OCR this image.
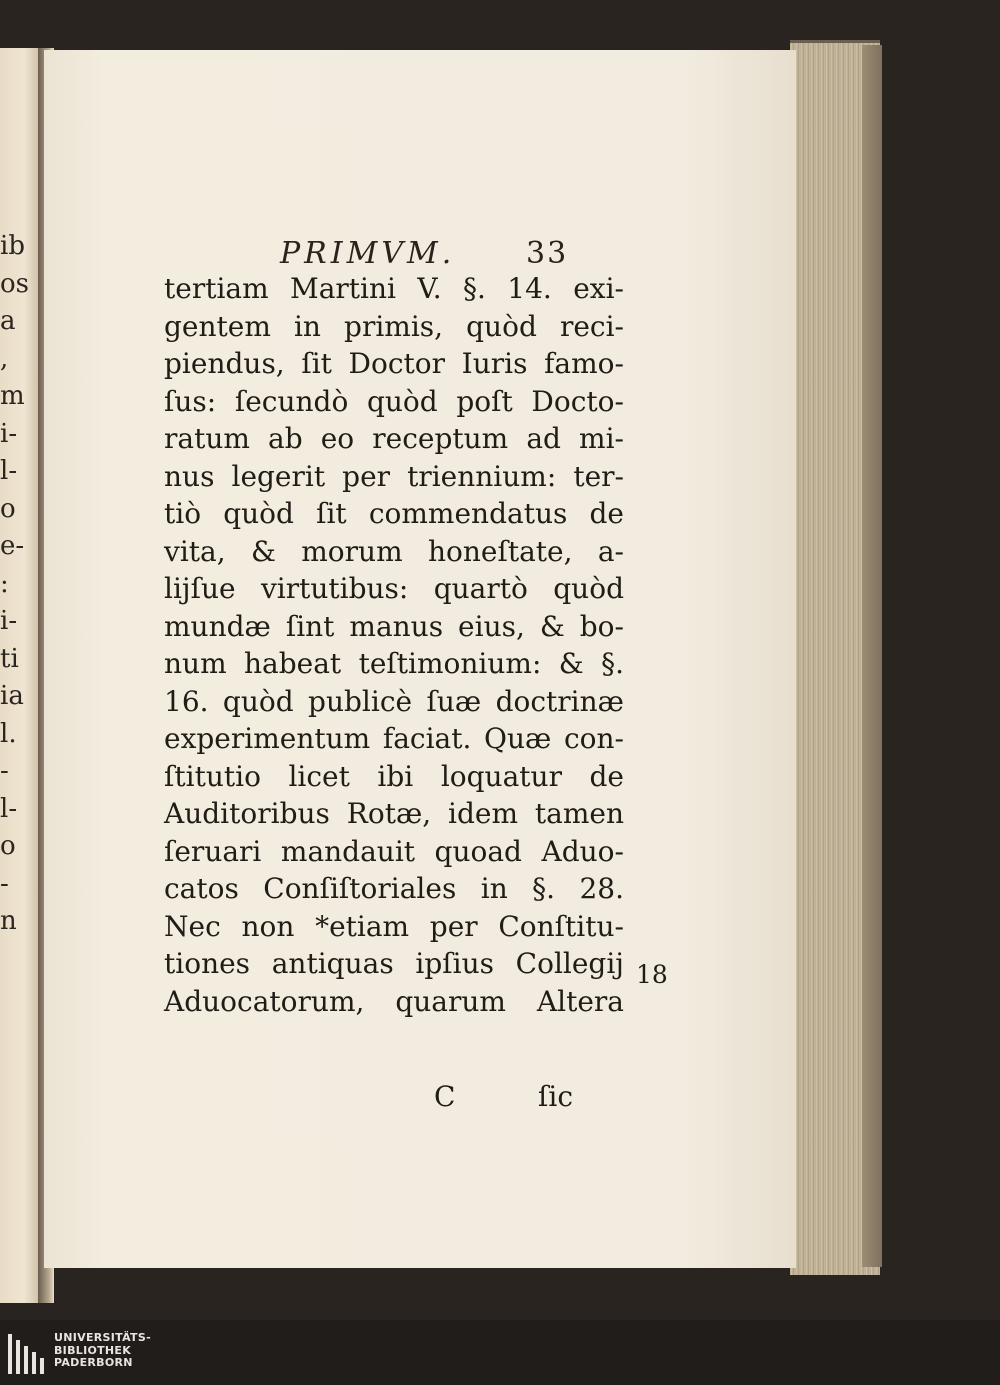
ib
os
a
,
m
i-
l-
o
e-
:
i-
ti
ia
l.
-
l-
o
-
n
PRIMVM. 33
tertiam Martini V. §. 14. exi-
gentem in primis, quòd reci-
piendus, ſit Doctor Iuris famo-
ſus: ſecundò quòd poſt Docto-
ratum ab eo receptum ad mi-
nus legerit per triennium: ter-
tiò quòd ſit commendatus de
vita, & morum honeſtate, a-
lijſue virtutibus: quartò quòd
mundæ ſint manus eius, & bo-
num habeat teſtimonium: & §.
16. quòd publicè ſuæ doctrinæ
experimentum faciat. Quæ con-
ſtitutio licet ibi loquatur de
Auditoribus Rotæ, idem tamen
ſeruari mandauit quoad Aduo-
catos Conſiſtoriales in §. 28.
Nec non *etiam per Conſtitu-
tiones antiquas ipſius Collegij
Aduocatorum, quarum Altera
18
C	ſic
UNIVERSITÄTS-
BIBLIOTHEK
PADERBORN
